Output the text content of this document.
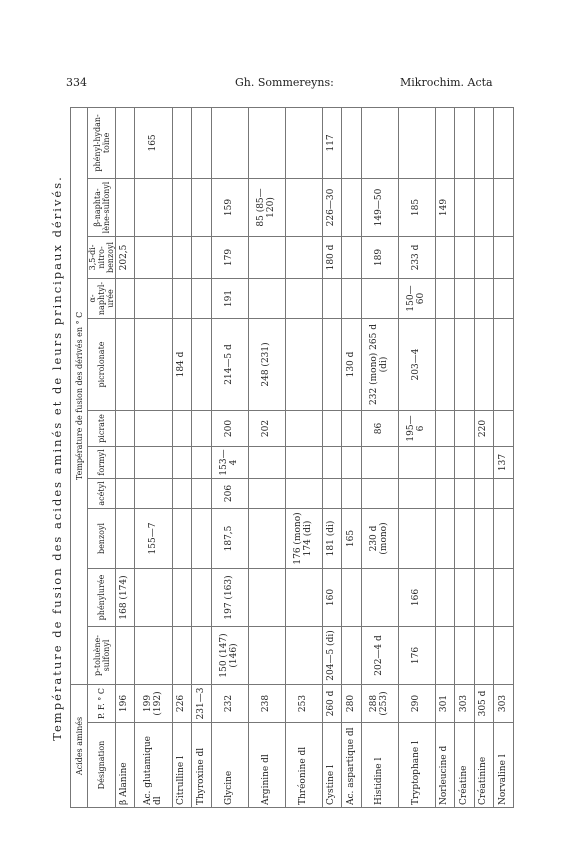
334	Gh. Sommereyns:	Mikrochim. Acta
Température de fusion des acides aminés et de leurs principaux dérivés.
Acides aminés		Température de fusion des dérivés en ° C										
Désignation	P. F. ° C	p-toluène-sulfonyl	phénylurée	benzoyl	acétyl	formyl	picrate	picrolonate	α-naphtyl-urée	3,5-di-nitro-benzoyl	β-naphta-lène-sulfonyl	phényl-hydan-toïne
β Alanine	196		168 (174)							202,5		
Ac. glutamique dl	199 (192)			155—7								165
Citrulline l	226							184 d				
Thyroxine dl	231—3											
Glycine	232	150 (147) (146)	197 (163)	187,5	206	153—4	200	214—5 d	191	179	159	
Arginine dl	238						202	248 (231)			85 (85—120)	
Thréonine dl	253			176 (mono) 174 (di)								
Cystine l	260 d	204—5 (di)	160	181 (di)						180 d	226—30	117
Ac. aspartique dl	280			165				130 d				
Histidine l	288 (253)	202—4 d		230 d (mono)			86	232 (mono) 265 d (di)		189	149—50	
Tryptophane l	290	176	166				195—6	203—4	150—60	233 d	185	
Norleucine d	301										149	
Créatine	303											
Créatinine	305 d						220					
Norvaline l	303					137						
